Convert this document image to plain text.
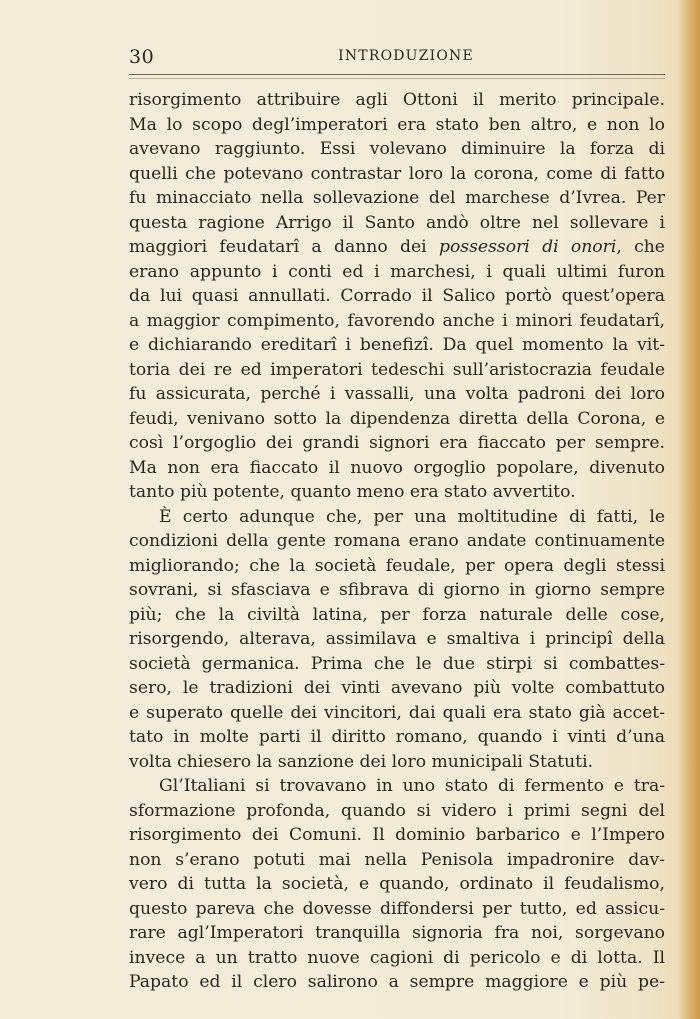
30	INTRODUZIONE
risorgimento attribuire agli Ottoni il merito principale.
Ma lo scopo degl’imperatori era stato ben altro, e non lo
avevano raggiunto. Essi volevano diminuire la forza di
quelli che potevano contrastar loro la corona, come di fatto
fu minacciato nella sollevazione del marchese d’Ivrea. Per
questa ragione Arrigo il Santo andò oltre nel sollevare i
maggiori feudatarî a danno dei possessori di onori, che
erano appunto i conti ed i marchesi, i quali ultimi furon
da lui quasi annullati. Corrado il Salico portò quest’opera
a maggior compimento, favorendo anche i minori feudatarî,
e dichiarando ereditarî i benefizî. Da quel momento la vit-
toria dei re ed imperatori tedeschi sull’aristocrazia feudale
fu assicurata, perché i vassalli, una volta padroni dei loro
feudi, venivano sotto la dipendenza diretta della Corona, e
così l’orgoglio dei grandi signori era fiaccato per sempre.
Ma non era fiaccato il nuovo orgoglio popolare, divenuto
tanto più potente, quanto meno era stato avvertito.
È certo adunque che, per una moltitudine di fatti, le
condizioni della gente romana erano andate continuamente
migliorando; che la società feudale, per opera degli stessi
sovrani, si sfasciava e sfibrava di giorno in giorno sempre
più; che la civiltà latina, per forza naturale delle cose,
risorgendo, alterava, assimilava e smaltiva i principî della
società germanica. Prima che le due stirpi si combattes-
sero, le tradizioni dei vinti avevano più volte combattuto
e superato quelle dei vincitori, dai quali era stato già accet-
tato in molte parti il diritto romano, quando i vinti d’una
volta chiesero la sanzione dei loro municipali Statuti.
Gl’Italiani si trovavano in uno stato di fermento e tra-
sformazione profonda, quando si videro i primi segni del
risorgimento dei Comuni. Il dominio barbarico e l’Impero
non s’erano potuti mai nella Penisola impadronire dav-
vero di tutta la società, e quando, ordinato il feudalismo,
questo pareva che dovesse diffondersi per tutto, ed assicu-
rare agl’Imperatori tranquilla signoria fra noi, sorgevano
invece a un tratto nuove cagioni di pericolo e di lotta. Il
Papato ed il clero salirono a sempre maggiore e più pe-
